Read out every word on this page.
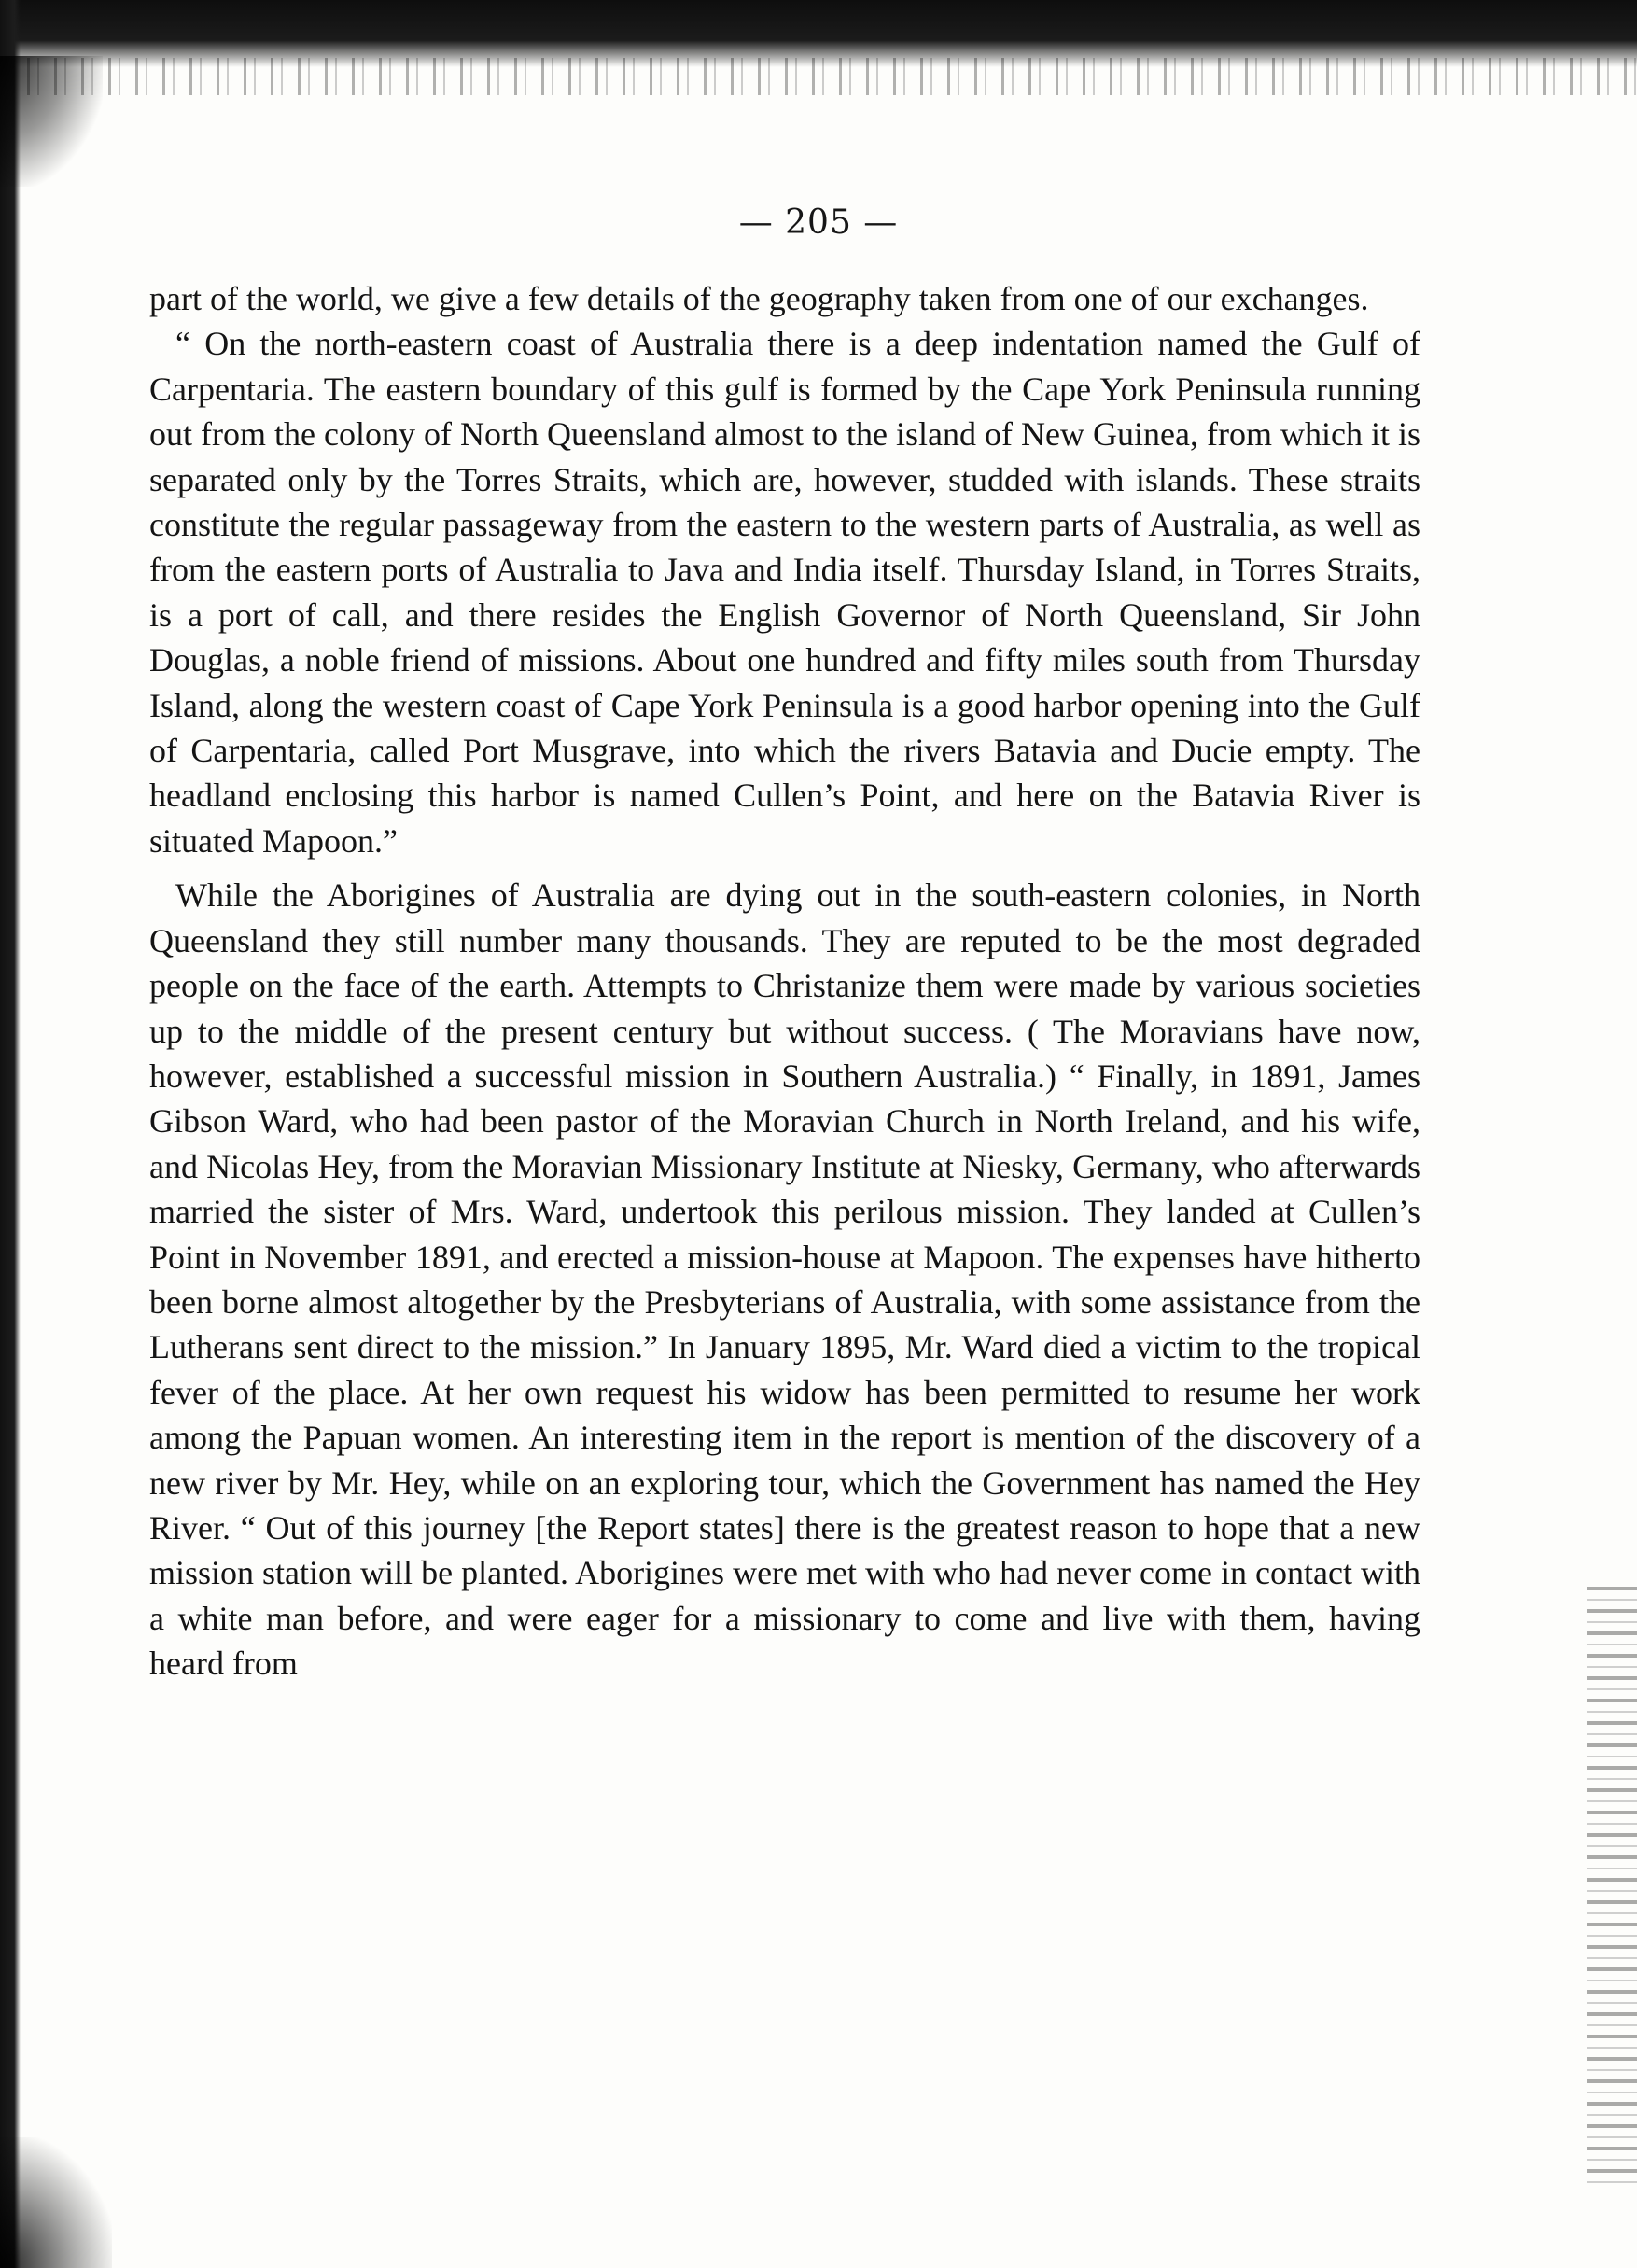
— 205 —

part of the world, we give a few details of the geography taken from one of our exchanges.

“ On the north-eastern coast of Australia there is a deep indentation named the Gulf of Carpentaria. The eastern boundary of this gulf is formed by the Cape York Peninsula running out from the colony of North Queensland almost to the island of New Guinea, from which it is separated only by the Torres Straits, which are, however, studded with islands. These straits constitute the regular passageway from the eastern to the western parts of Australia, as well as from the eastern ports of Australia to Java and India itself. Thursday Island, in Torres Straits, is a port of call, and there resides the English Governor of North Queensland, Sir John Douglas, a noble friend of missions. About one hundred and fifty miles south from Thursday Island, along the western coast of Cape York Peninsula is a good harbor opening into the Gulf of Carpentaria, called Port Musgrave, into which the rivers Batavia and Ducie empty. The headland enclosing this harbor is named Cullen’s Point, and here on the Batavia River is situated Mapoon.”

While the Aborigines of Australia are dying out in the south-eastern colonies, in North Queensland they still number many thousands. They are reputed to be the most degraded people on the face of the earth. Attempts to Christanize them were made by various societies up to the middle of the present century but without success. ( The Moravians have now, however, established a successful mission in Southern Australia.) “ Finally, in 1891, James Gibson Ward, who had been pastor of the Moravian Church in North Ireland, and his wife, and Nicolas Hey, from the Moravian Missionary Institute at Niesky, Germany, who afterwards married the sister of Mrs. Ward, undertook this perilous mission. They landed at Cullen’s Point in November 1891, and erected a mission-house at Mapoon. The expenses have hitherto been borne almost altogether by the Presbyterians of Australia, with some assistance from the Lutherans sent direct to the mission.” In January 1895, Mr. Ward died a victim to the tropical fever of the place. At her own request his widow has been permitted to resume her work among the Papuan women. An interesting item in the report is mention of the discovery of a new river by Mr. Hey, while on an exploring tour, which the Government has named the Hey River. “ Out of this journey [the Report states] there is the greatest reason to hope that a new mission station will be planted. Aborigines were met with who had never come in contact with a white man before, and were eager for a missionary to come and live with them, having heard from
